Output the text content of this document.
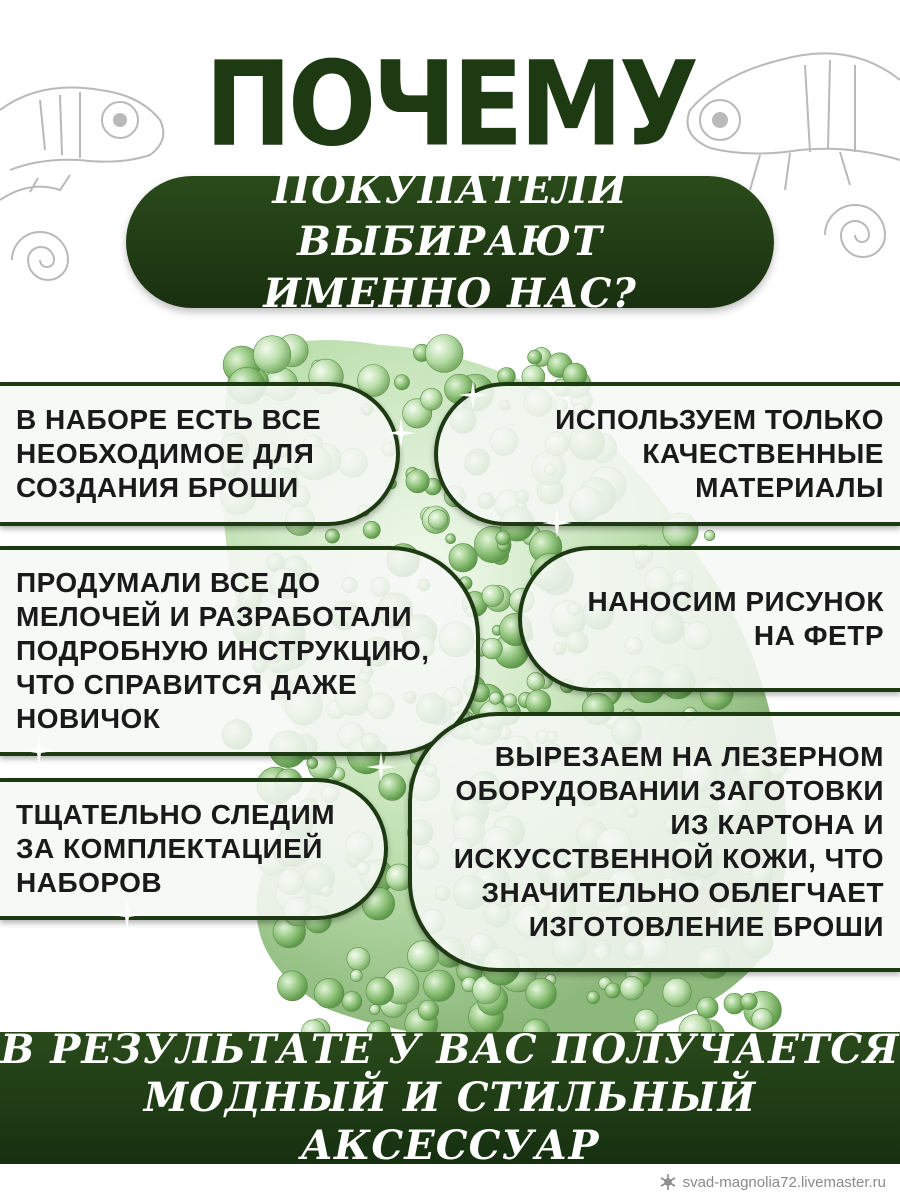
ПОЧЕМУ
ПОКУПАТЕЛИ ВЫБИРАЮТ
ИМЕННО НАС?
В НАБОРЕ ЕСТЬ ВСЕ
НЕОБХОДИМОЕ ДЛЯ
СОЗДАНИЯ БРОШИ
ИСПОЛЬЗУЕМ ТОЛЬКО
КАЧЕСТВЕННЫЕ
МАТЕРИАЛЫ
ПРОДУМАЛИ ВСЕ ДО
МЕЛОЧЕЙ И РАЗРАБОТАЛИ
ПОДРОБНУЮ ИНСТРУКЦИЮ,
ЧТО СПРАВИТСЯ ДАЖЕ
НОВИЧОК
НАНОСИМ РИСУНОК
НА ФЕТР
ТЩАТЕЛЬНО СЛЕДИМ
ЗА КОМПЛЕКТАЦИЕЙ
НАБОРОВ
ВЫРЕЗАЕМ НА ЛЕЗЕРНОМ
ОБОРУДОВАНИИ ЗАГОТОВКИ
ИЗ КАРТОНА И
ИСКУССТВЕННОЙ КОЖИ, ЧТО
ЗНАЧИТЕЛЬНО ОБЛЕГЧАЕТ
ИЗГОТОВЛЕНИЕ БРОШИ
В РЕЗУЛЬТАТЕ У ВАС ПОЛУЧАЕТСЯ
МОДНЫЙ И СТИЛЬНЫЙ АКСЕССУАР
svad-magnolia72.livemaster.ru
